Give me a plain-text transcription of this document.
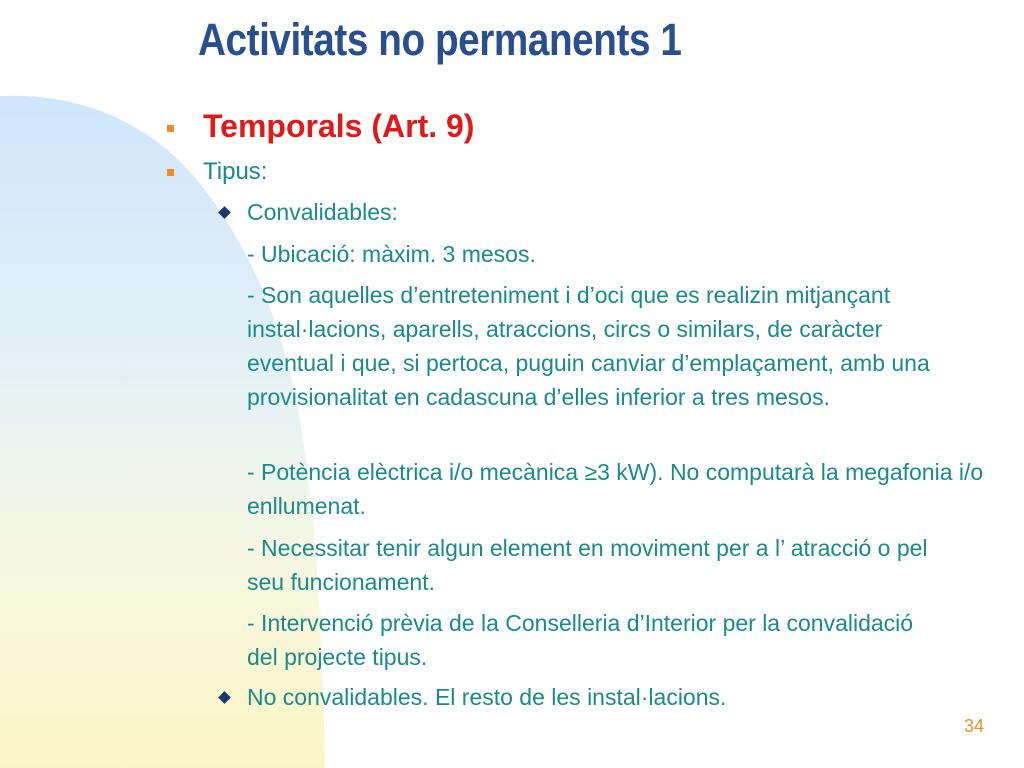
Activitats no permanents 1
Temporals (Art. 9)
Tipus:
Convalidables:
- Ubicació: màxim. 3 mesos.
- Son aquelles d’entreteniment i d’oci que es realizin mitjançant instal·lacions, aparells, atraccions, circs o similars, de caràcter eventual i que, si pertoca, puguin canviar d’emplaçament, amb una provisionalitat en cadascuna d’elles inferior a tres mesos.
- Potència elèctrica i/o mecànica ≥3 kW). No computarà la megafonia i/o enllumenat.
- Necessitar tenir algun element en moviment per a l’ atracció o pel seu funcionament.
- Intervenció prèvia de la Conselleria d’Interior per la convalidació del projecte tipus.
No convalidables. El resto de les instal·lacions.
34
